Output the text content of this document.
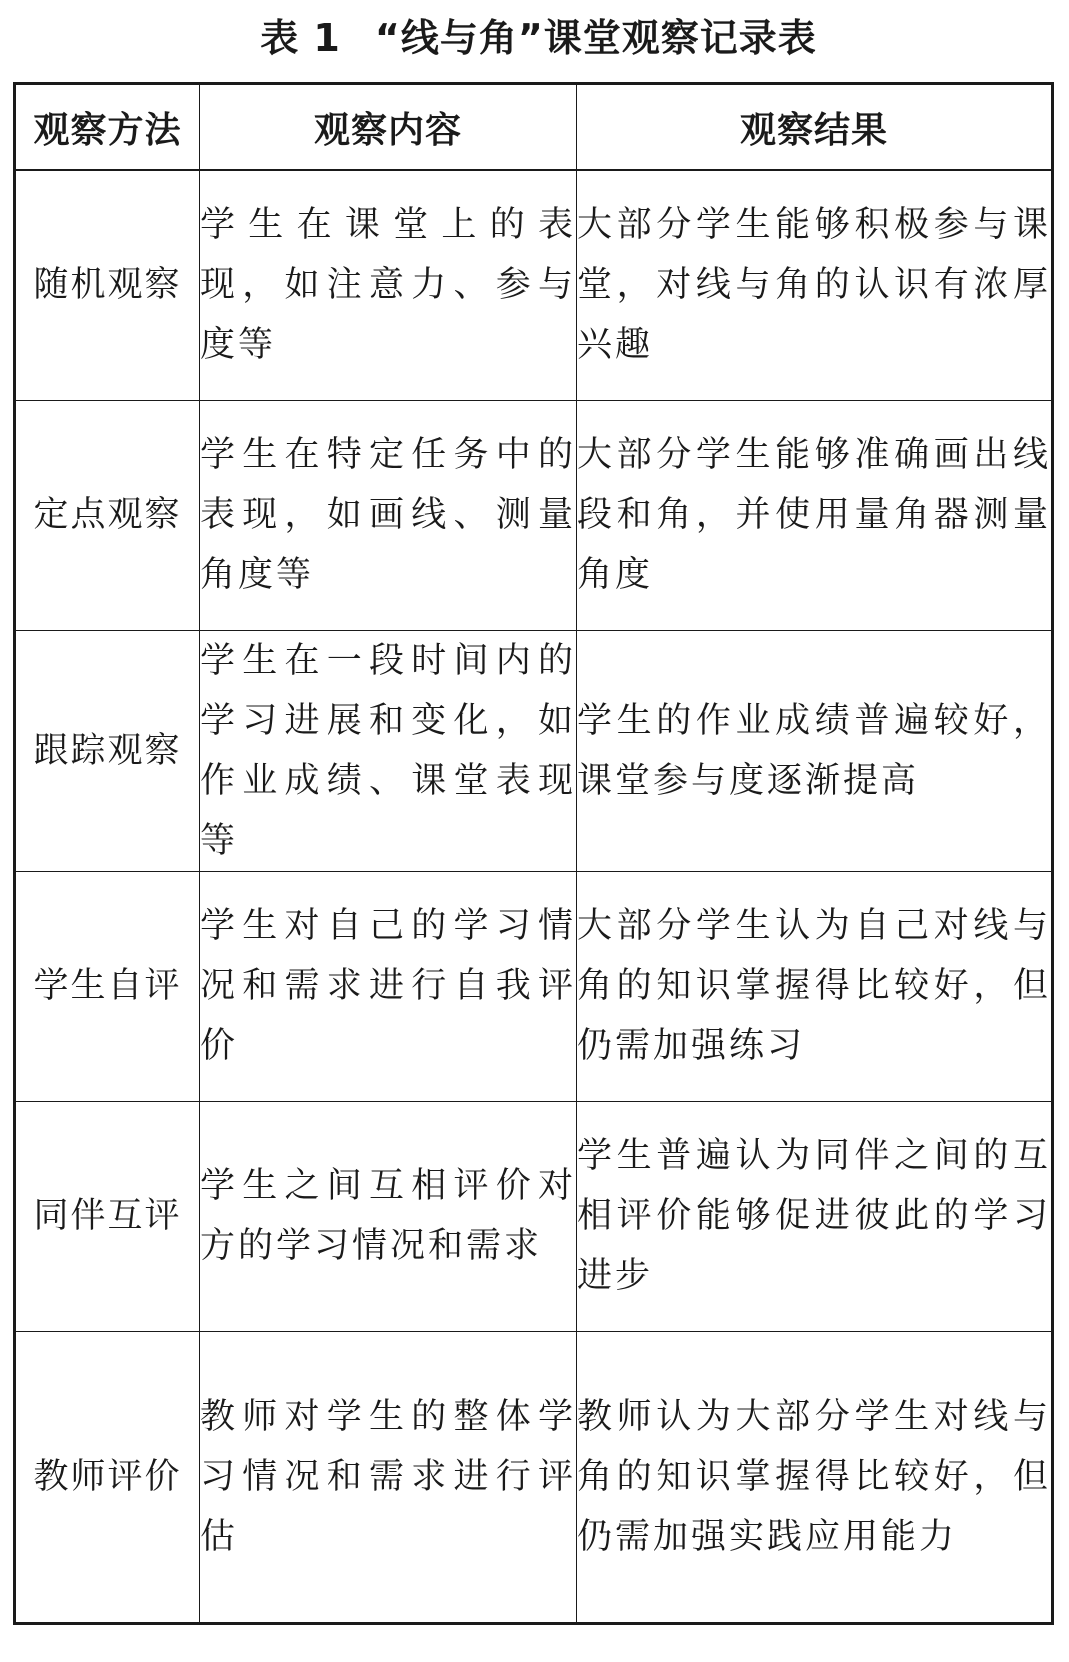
表 1 “线与角”课堂观察记录表
观察方法	观察内容	观察结果
随机观察	学生在课堂上的表现，如注意力、参与度等	大部分学生能够积极参与课堂，对线与角的认识有浓厚兴趣
定点观察	学生在特定任务中的表现，如画线、测量角度等	大部分学生能够准确画出线段和角，并使用量角器测量角度
跟踪观察	学生在一段时间内的学习进展和变化，如作业成绩、课堂表现等	学生的作业成绩普遍较好，课堂参与度逐渐提高
学生自评	学生对自己的学习情况和需求进行自我评价	大部分学生认为自己对线与角的知识掌握得比较好，但仍需加强练习
同伴互评	学生之间互相评价对方的学习情况和需求	学生普遍认为同伴之间的互相评价能够促进彼此的学习进步
教师评价	教师对学生的整体学习情况和需求进行评估	教师认为大部分学生对线与角的知识掌握得比较好，但仍需加强实践应用能力
